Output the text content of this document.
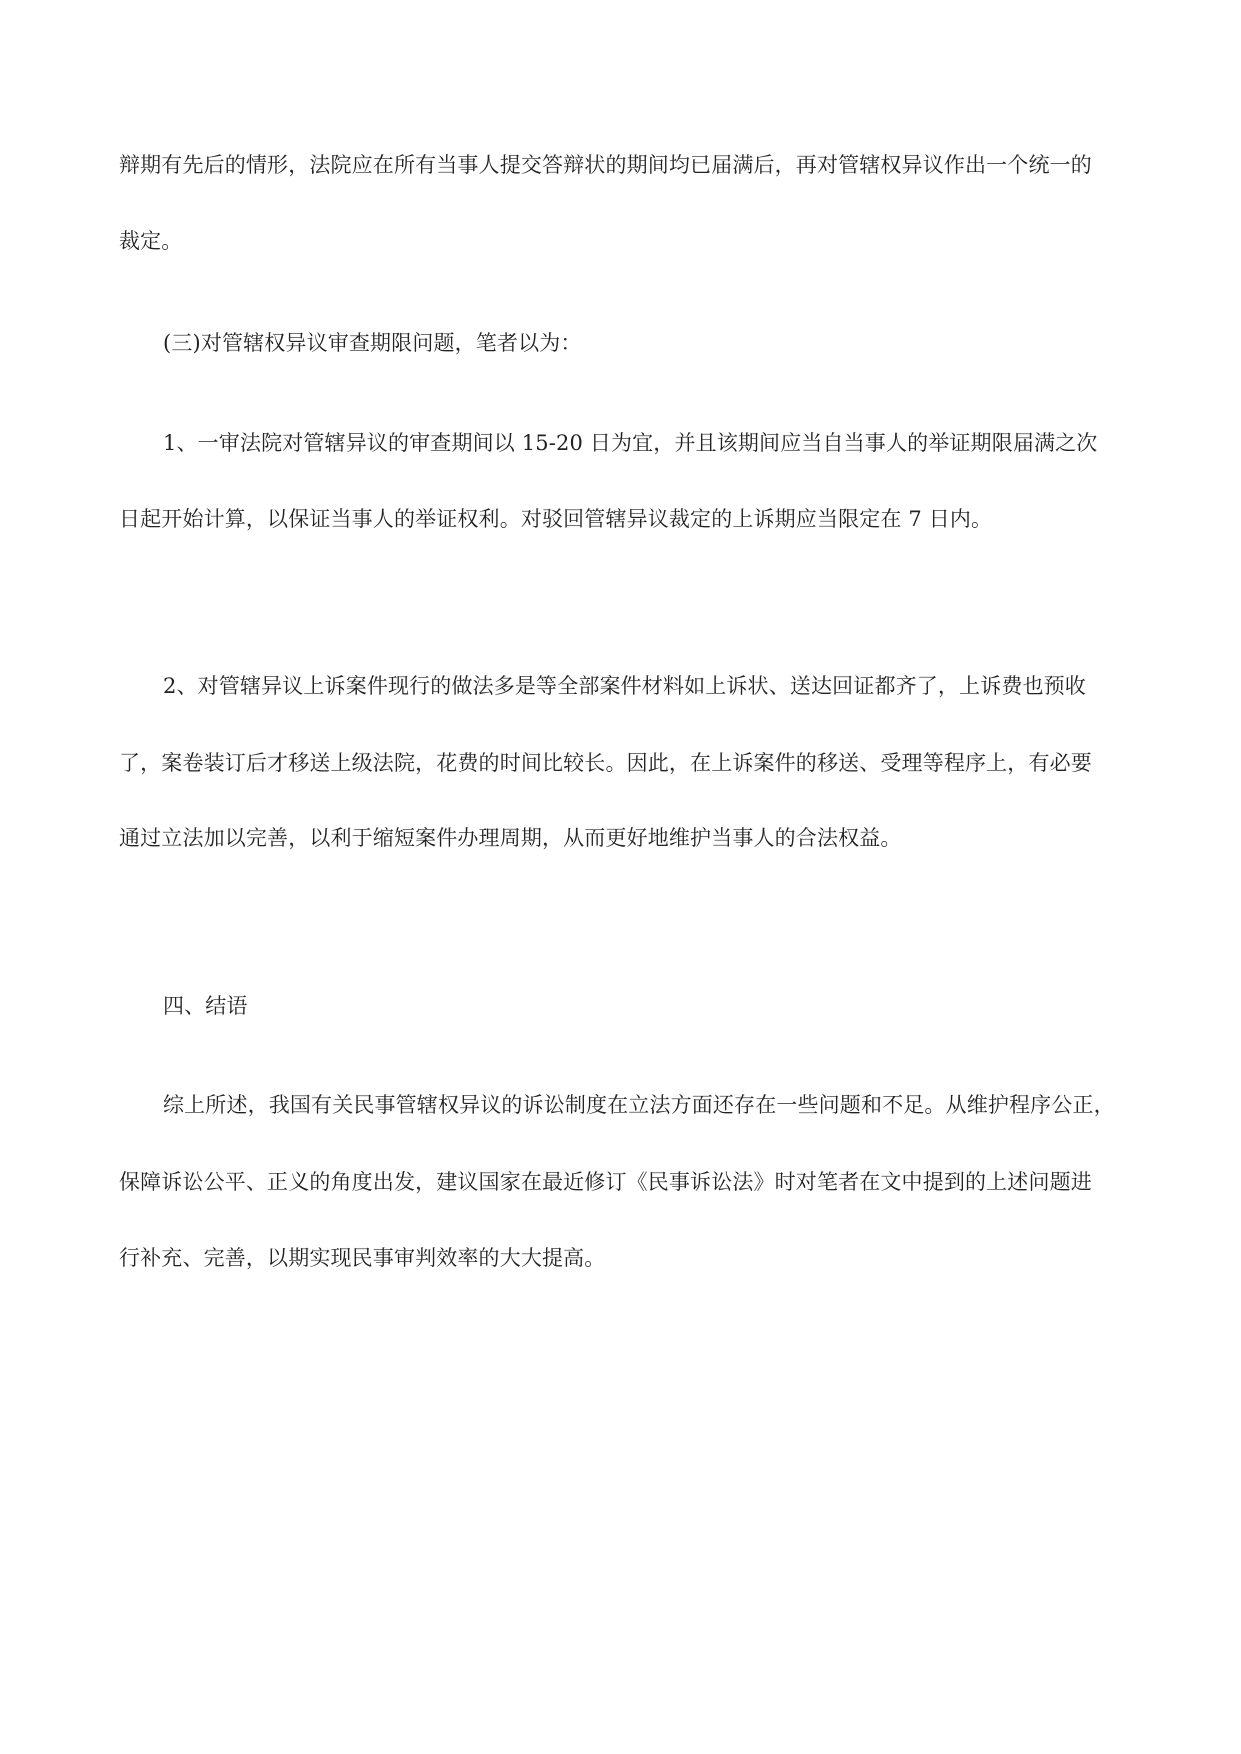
辩期有先后的情形，法院应在所有当事人提交答辩状的期间均已届满后，再对管辖权异议作出一个统一的
裁定。
(三)对管辖权异议审查期限问题，笔者以为：
1、一审法院对管辖异议的审查期间以 15-20 日为宜，并且该期间应当自当事人的举证期限届满之次
日起开始计算，以保证当事人的举证权利。对驳回管辖异议裁定的上诉期应当限定在 7 日内。
2、对管辖异议上诉案件现行的做法多是等全部案件材料如上诉状、送达回证都齐了，上诉费也预收
了，案卷装订后才移送上级法院，花费的时间比较长。因此，在上诉案件的移送、受理等程序上，有必要
通过立法加以完善，以利于缩短案件办理周期，从而更好地维护当事人的合法权益。
四、结语
综上所述，我国有关民事管辖权异议的诉讼制度在立法方面还存在一些问题和不足。从维护程序公正，
保障诉讼公平、正义的角度出发，建议国家在最近修订《民事诉讼法》时对笔者在文中提到的上述问题进
行补充、完善，以期实现民事审判效率的大大提高。
